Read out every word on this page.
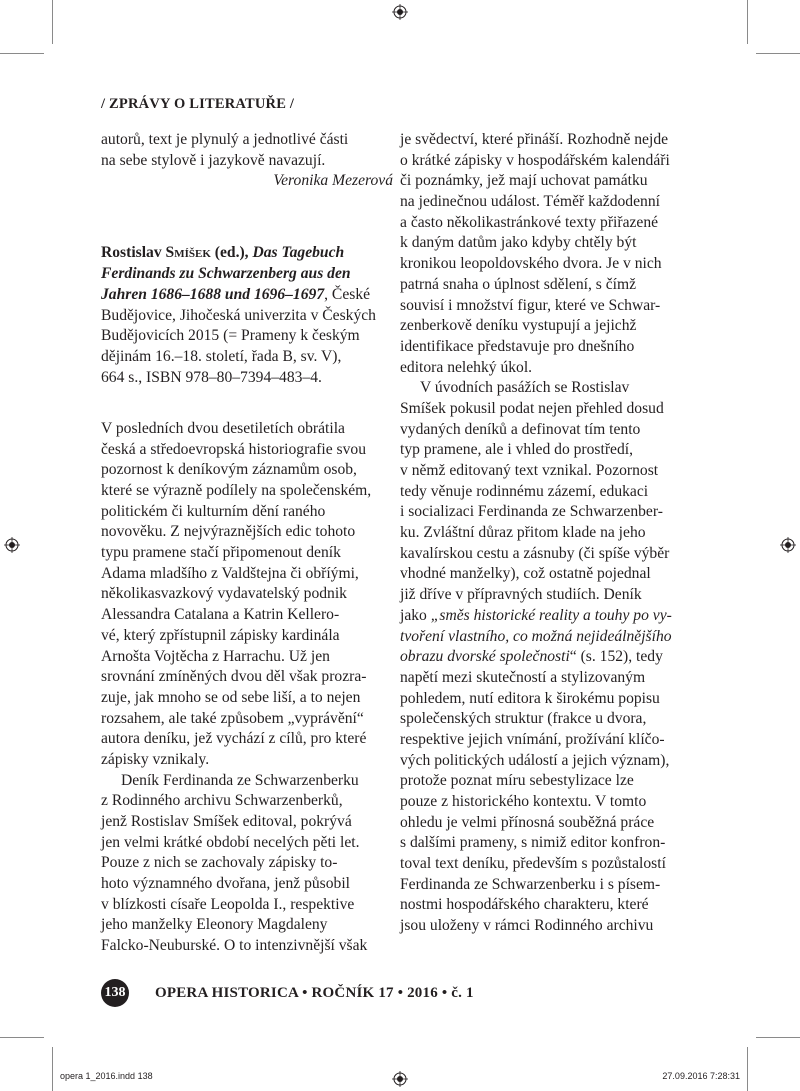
/ ZPRÁVY O LITERATUŘE /
autorů, text je plynulý a jednotlivé části
na sebe stylově i jazykově navazují.
Veronika Mezerová
Rostislav Smíšek (ed.), Das Tagebuch
Ferdinands zu Schwarzenberg aus den
Jahren 1686–1688 und 1696–1697, České
Budějovice, Jihočeská univerzita v Českých
Budějovicích 2015 (= Prameny k českým
dějinám 16.–18. století, řada B, sv. V),
664 s., ISBN 978–80–7394–483–4.
V posledních dvou desetiletích obrátila
česká a středoevropská historiografie svou
pozornost k deníkovým záznamům osob,
které se výrazně podílely na společenském,
politickém či kulturním dění raného
novověku. Z nejvýraznějších edic tohoto
typu pramene stačí připomenout deník
Adama mladšího z Valdštejna či obříými,
několikasvazkový vydavatelský podnik
Alessandra Catalana a Katrin Kellero-
vé, který zpřístupnil zápisky kardinála
Arnošta Vojtěcha z Harrachu. Už jen
srovnání zmíněných dvou děl však prozra-
zuje, jak mnoho se od sebe liší, a to nejen
rozsahem, ale také způsobem „vyprávění“
autora deníku, jež vychází z cílů, pro které
zápisky vznikaly.
Deník Ferdinanda ze Schwarzenberku
z Rodinného archivu Schwarzenberků,
jenž Rostislav Smíšek editoval, pokrývá
jen velmi krátké období necelých pěti let.
Pouze z nich se zachovaly zápisky to-
hoto významného dvořana, jenž působil
v blízkosti císaře Leopolda I., respektive
jeho manželky Eleonory Magdaleny
Falcko-Neuburské. O to intenzivnější však
je svědectví, které přináší. Rozhodně nejde
o krátké zápisky v hospodářském kalendáři
či poznámky, jež mají uchovat památku
na jedinečnou událost. Téměř každodenní
a často několikastránkové texty přiřazené
k daným datům jako kdyby chtěly být
kronikou leopoldovského dvora. Je v nich
patrná snaha o úplnost sdělení, s čímž
souvisí i množství figur, které ve Schwar-
zenberkově deníku vystupují a jejichž
identifikace představuje pro dnešního
editora nelehký úkol.
V úvodních pasážích se Rostislav
Smíšek pokusil podat nejen přehled dosud
vydaných deníků a definovat tím tento
typ pramene, ale i vhled do prostředí,
v němž editovaný text vznikal. Pozornost
tedy věnuje rodinnému zázemí, edukaci
i socializaci Ferdinanda ze Schwarzenber-
ku. Zvláštní důraz přitom klade na jeho
kavalírskou cestu a zásnuby (či spíše výběr
vhodné manželky), což ostatně pojednal
již dříve v přípravných studiích. Deník
jako „směs historické reality a touhy po vy-
tvoření vlastního, co možná nejideálnějšího
obrazu dvorské společnosti“ (s. 152), tedy
napětí mezi skutečností a stylizovaným
pohledem, nutí editora k širokému popisu
společenských struktur (frakce u dvora,
respektive jejich vnímání, prožívání klíčo-
vých politických událostí a jejich význam),
protože poznat míru sebestylizace lze
pouze z historického kontextu. V tomto
ohledu je velmi přínosná souběžná práce
s dalšími prameny, s nimiž editor konfron-
toval text deníku, především s pozůstalostí
Ferdinanda ze Schwarzenberku i s písem-
nostmi hospodářského charakteru, které
jsou uloženy v rámci Rodinného archivu
138 OPERA HISTORICA • ROČNÍK 17 • 2016 • č. 1
opera 1_2016.indd 138	27.09.2016 7:28:31
